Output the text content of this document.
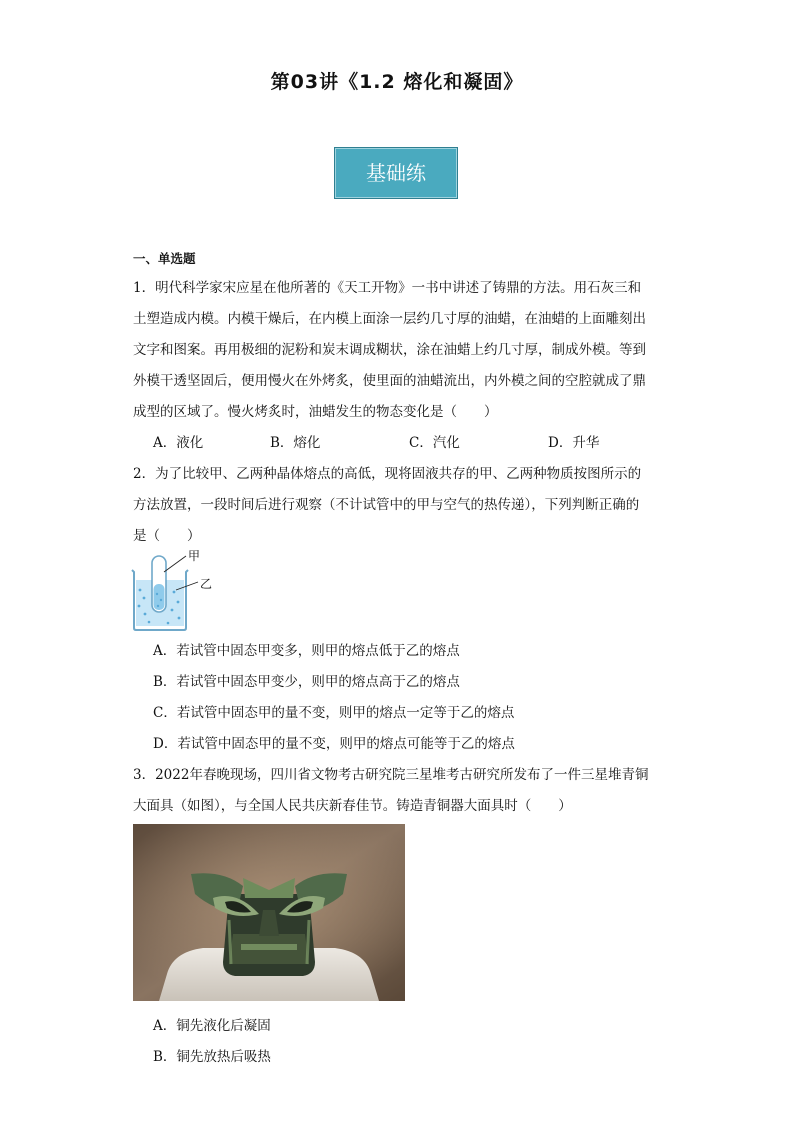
第03讲《1.2 熔化和凝固》
基础练
一、单选题
1．明代科学家宋应星在他所著的《天工开物》一书中讲述了铸鼎的方法。用石灰三和
土塑造成内模。内模干燥后，在内模上面涂一层约几寸厚的油蜡，在油蜡的上面雕刻出
文字和图案。再用极细的泥粉和炭末调成糊状，涂在油蜡上约几寸厚，制成外模。等到
外模干透坚固后，便用慢火在外烤炙，使里面的油蜡流出，内外模之间的空腔就成了鼎
成型的区域了。慢火烤炙时，油蜡发生的物态变化是（　　）
A．液化	B．熔化	C．汽化	D．升华
2．为了比较甲、乙两种晶体熔点的高低，现将固液共存的甲、乙两种物质按图所示的
方法放置，一段时间后进行观察（不计试管中的甲与空气的热传递），下列判断正确的
是（　　）
甲
乙
A．若试管中固态甲变多，则甲的熔点低于乙的熔点
B．若试管中固态甲变少，则甲的熔点高于乙的熔点
C．若试管中固态甲的量不变，则甲的熔点一定等于乙的熔点
D．若试管中固态甲的量不变，则甲的熔点可能等于乙的熔点
3．2022年春晚现场，四川省文物考古研究院三星堆考古研究所发布了一件三星堆青铜
大面具（如图），与全国人民共庆新春佳节。铸造青铜器大面具时（　　）
A．铜先液化后凝固
B．铜先放热后吸热
